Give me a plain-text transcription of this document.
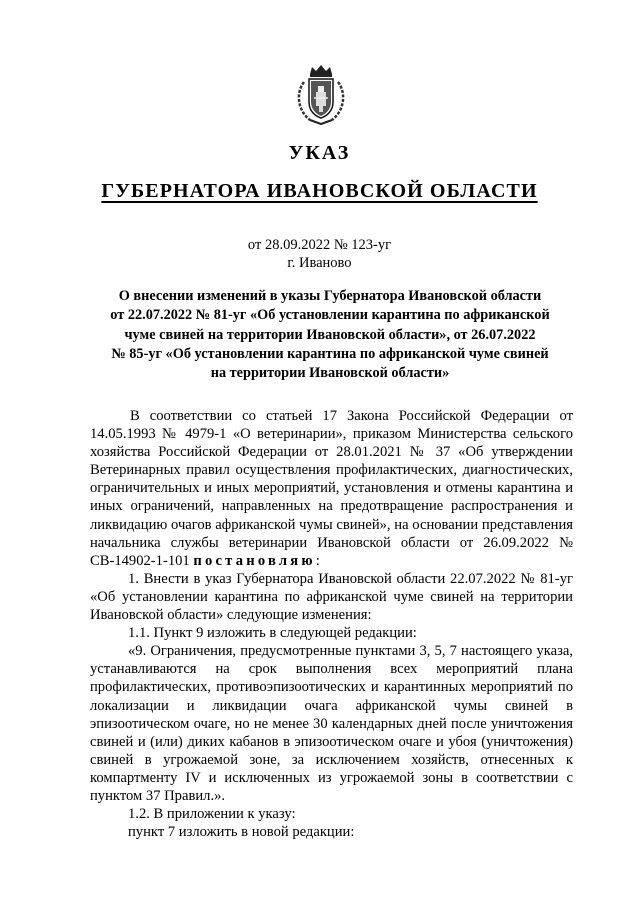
УКАЗ
ГУБЕРНАТОРА ИВАНОВСКОЙ ОБЛАСТИ
от 28.09.2022 № 123-уг
г. Иваново
О внесении изменений в указы Губернатора Ивановской области
от 22.07.2022 № 81-уг «Об установлении карантина по африканской
чуме свиней на территории Ивановской области», от 26.07.2022
№ 85-уг «Об установлении карантина по африканской чуме свиней
на территории Ивановской области»

В соответствии со статьей 17 Закона Российской Федерации от 14.05.1993 № 4979-1 «О ветеринарии», приказом Министерства сельского хозяйства Российской Федерации от 28.01.2021 № 37 «Об утверждении Ветеринарных правил осуществления профилактических, диагностических, ограничительных и иных мероприятий, установления и отмены карантина и иных ограничений, направленных на предотвращение распространения и ликвидацию очагов африканской чумы свиней», на основании представления начальника службы ветеринарии Ивановской области от 26.09.2022 № СВ-14902-1-101 постановляю:

1. Внести в указ Губернатора Ивановской области 22.07.2022 № 81-уг «Об установлении карантина по африканской чуме свиней на территории Ивановской области» следующие изменения:

1.1. Пункт 9 изложить в следующей редакции:

«9. Ограничения, предусмотренные пунктами 3, 5, 7 настоящего указа, устанавливаются на срок выполнения всех мероприятий плана профилактических, противоэпизоотических и карантинных мероприятий по локализации и ликвидации очага африканской чумы свиней в эпизоотическом очаге, но не менее 30 календарных дней после уничтожения свиней и (или) диких кабанов в эпизоотическом очаге и убоя (уничтожения) свиней в угрожаемой зоне, за исключением хозяйств, отнесенных к компартменту IV и исключенных из угрожаемой зоны в соответствии с пунктом 37 Правил.».

1.2. В приложении к указу:

пункт 7 изложить в новой редакции:
